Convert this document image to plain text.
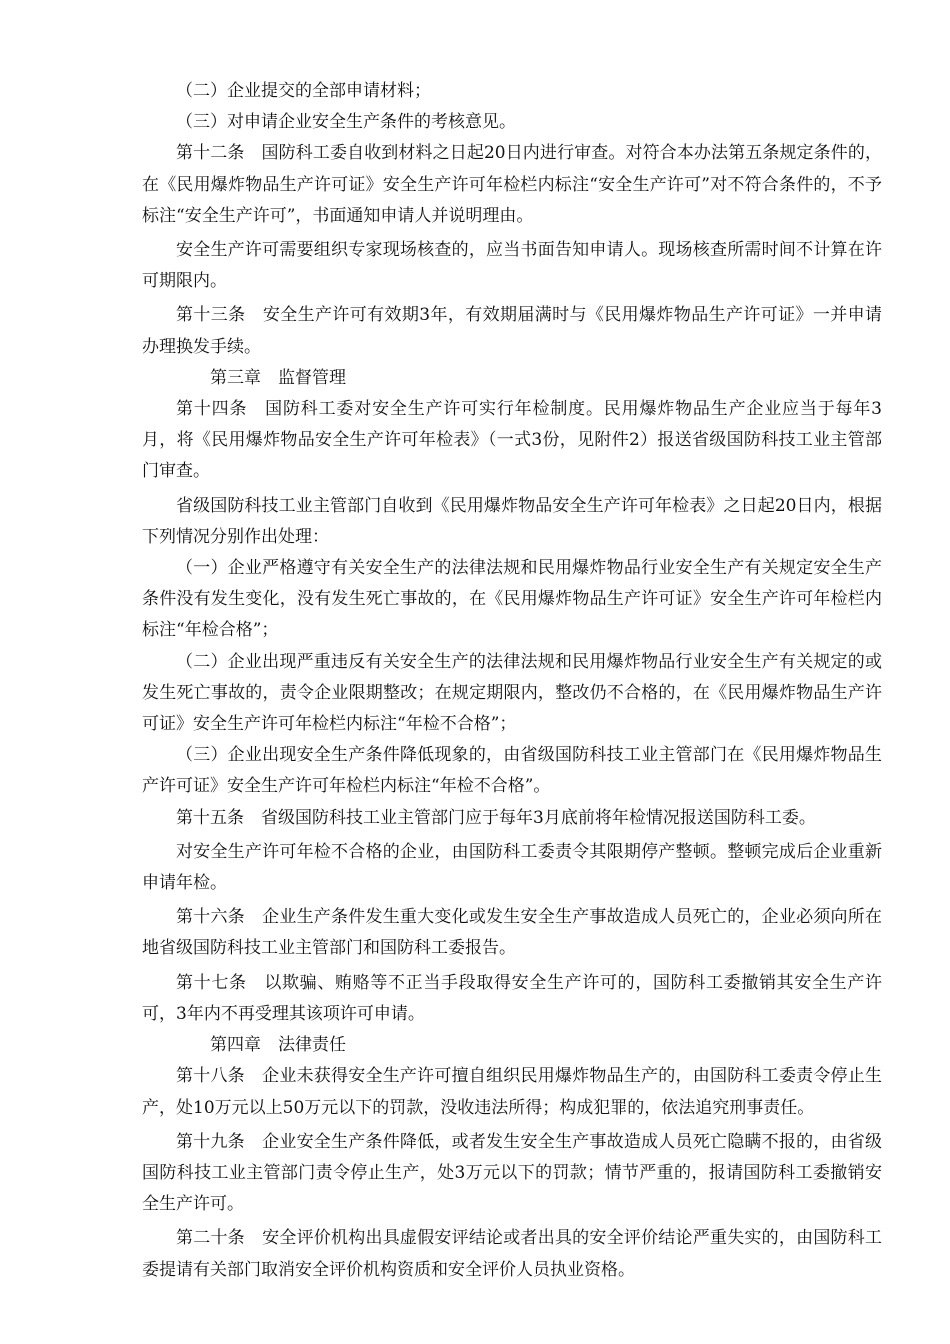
（二）企业提交的全部申请材料；

（三）对申请企业安全生产条件的考核意见。

第十二条　国防科工委自收到材料之日起20日内进行审查。对符合本办法第五条规定条件的，在《民用爆炸物品生产许可证》安全生产许可年检栏内标注“安全生产许可”对不符合条件的，不予标注“安全生产许可”，书面通知申请人并说明理由。

安全生产许可需要组织专家现场核查的，应当书面告知申请人。现场核查所需时间不计算在许可期限内。

第十三条　安全生产许可有效期3年，有效期届满时与《民用爆炸物品生产许可证》一并申请办理换发手续。

第三章　监督管理

第十四条　国防科工委对安全生产许可实行年检制度。民用爆炸物品生产企业应当于每年3月，将《民用爆炸物品安全生产许可年检表》（一式3份，见附件2）报送省级国防科技工业主管部门审查。

省级国防科技工业主管部门自收到《民用爆炸物品安全生产许可年检表》之日起20日内，根据下列情况分别作出处理：

（一）企业严格遵守有关安全生产的法律法规和民用爆炸物品行业安全生产有关规定安全生产条件没有发生变化，没有发生死亡事故的，在《民用爆炸物品生产许可证》安全生产许可年检栏内标注“年检合格”；

（二）企业出现严重违反有关安全生产的法律法规和民用爆炸物品行业安全生产有关规定的或发生死亡事故的，责令企业限期整改；在规定期限内，整改仍不合格的，在《民用爆炸物品生产许可证》安全生产许可年检栏内标注“年检不合格”；

（三）企业出现安全生产条件降低现象的，由省级国防科技工业主管部门在《民用爆炸物品生产许可证》安全生产许可年检栏内标注“年检不合格”。

第十五条　省级国防科技工业主管部门应于每年3月底前将年检情况报送国防科工委。

对安全生产许可年检不合格的企业，由国防科工委责令其限期停产整顿。整顿完成后企业重新申请年检。

第十六条　企业生产条件发生重大变化或发生安全生产事故造成人员死亡的，企业必须向所在地省级国防科技工业主管部门和国防科工委报告。

第十七条　以欺骗、贿赂等不正当手段取得安全生产许可的，国防科工委撤销其安全生产许可，3年内不再受理其该项许可申请。

第四章　法律责任

第十八条　企业未获得安全生产许可擅自组织民用爆炸物品生产的，由国防科工委责令停止生产，处10万元以上50万元以下的罚款，没收违法所得；构成犯罪的，依法追究刑事责任。

第十九条　企业安全生产条件降低，或者发生安全生产事故造成人员死亡隐瞒不报的，由省级国防科技工业主管部门责令停止生产，处3万元以下的罚款；情节严重的，报请国防科工委撤销安全生产许可。

第二十条　安全评价机构出具虚假安评结论或者出具的安全评价结论严重失实的，由国防科工委提请有关部门取消安全评价机构资质和安全评价人员执业资格。
